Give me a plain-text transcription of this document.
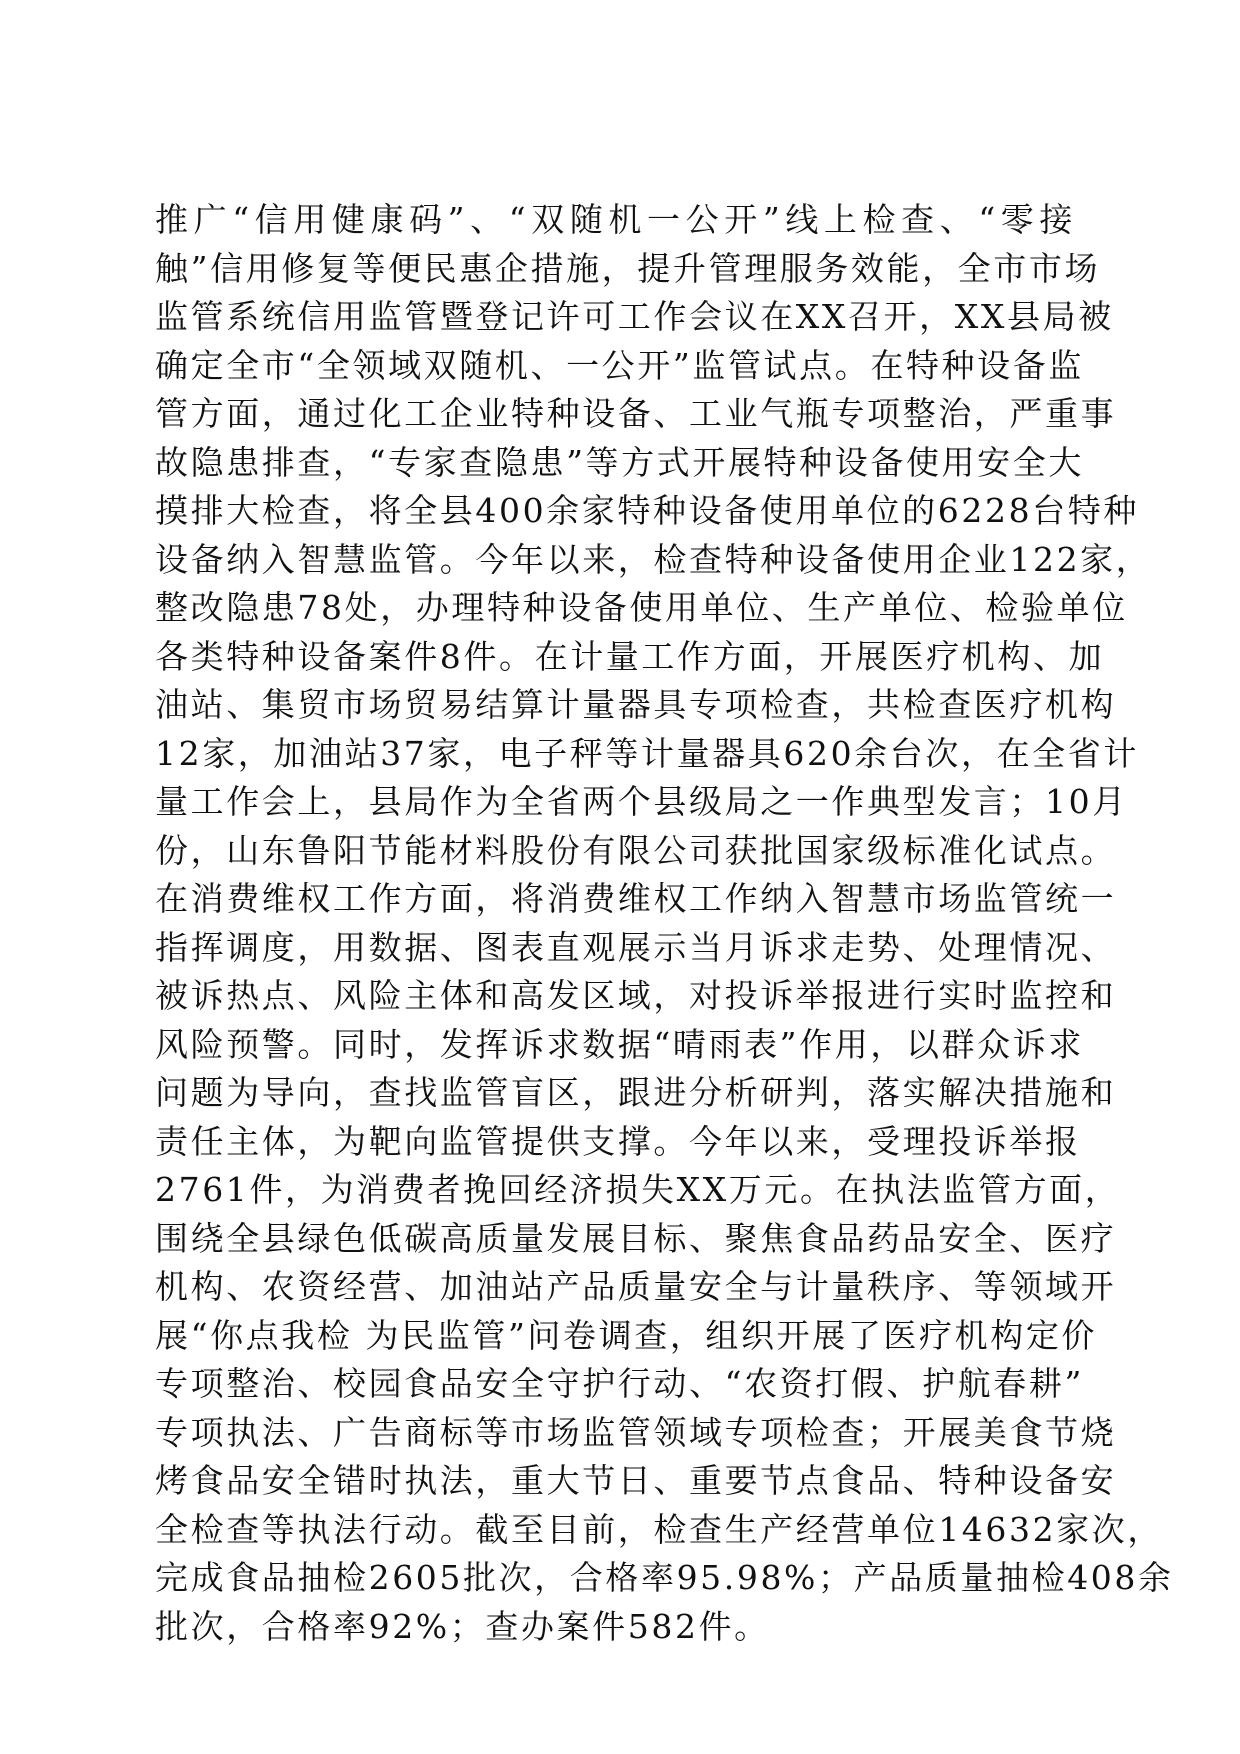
推广“信用健康码”、“双随机一公开”线上检查、“零接
触”信用修复等便民惠企措施，提升管理服务效能，全市市场
监管系统信用监管暨登记许可工作会议在XX召开，XX县局被
确定全市“全领域双随机、一公开”监管试点。在特种设备监
管方面，通过化工企业特种设备、工业气瓶专项整治，严重事
故隐患排查，“专家查隐患”等方式开展特种设备使用安全大
摸排大检查，将全县400余家特种设备使用单位的6228台特种
设备纳入智慧监管。今年以来，检查特种设备使用企业122家，
整改隐患78处，办理特种设备使用单位、生产单位、检验单位
各类特种设备案件8件。在计量工作方面，开展医疗机构、加
油站、集贸市场贸易结算计量器具专项检查，共检查医疗机构
12家，加油站37家，电子秤等计量器具620余台次，在全省计
量工作会上，县局作为全省两个县级局之一作典型发言；10月
份，山东鲁阳节能材料股份有限公司获批国家级标准化试点。
在消费维权工作方面，将消费维权工作纳入智慧市场监管统一
指挥调度，用数据、图表直观展示当月诉求走势、处理情况、
被诉热点、风险主体和高发区域，对投诉举报进行实时监控和
风险预警。同时，发挥诉求数据“晴雨表”作用，以群众诉求
问题为导向，查找监管盲区，跟进分析研判，落实解决措施和
责任主体，为靶向监管提供支撑。今年以来，受理投诉举报
2761件，为消费者挽回经济损失XX万元。在执法监管方面，
围绕全县绿色低碳高质量发展目标、聚焦食品药品安全、医疗
机构、农资经营、加油站产品质量安全与计量秩序、等领域开
展“你点我检 为民监管”问卷调查，组织开展了医疗机构定价
专项整治、校园食品安全守护行动、“农资打假、护航春耕”
专项执法、广告商标等市场监管领域专项检查；开展美食节烧
烤食品安全错时执法，重大节日、重要节点食品、特种设备安
全检查等执法行动。截至目前，检查生产经营单位14632家次，
完成食品抽检2605批次，合格率95.98%；产品质量抽检408余
批次，合格率92%；查办案件582件。
